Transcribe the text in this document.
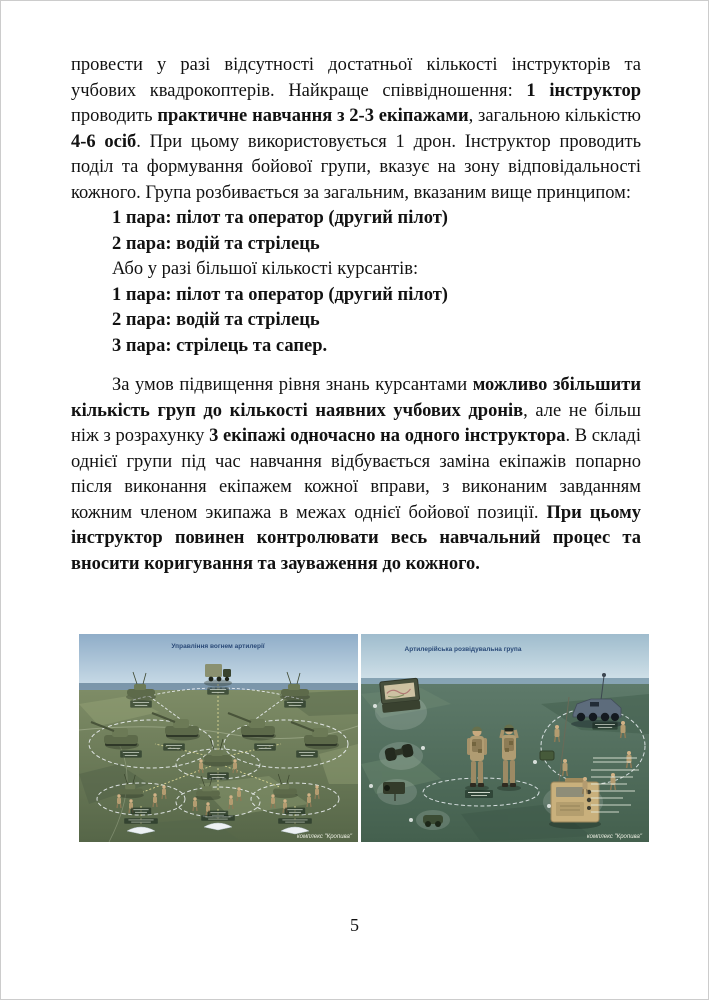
провести у разі відсутності достатньої кількості інструкторів та учбових квадрокоптерів. Найкраще співвідношення: 1 інструктор проводить практичне навчання з 2-3 екіпажами, загальною кількістю 4-6 осіб. При цьому використовується 1 дрон. Інструктор проводить поділ та формування бойової групи, вказує на зону відповідальності кожного. Група розбивається за загальним, вказаним вище принципом:

1 пара: пілот та оператор (другий пілот)
2 пара: водій та стрілець
Або у разі більшої кількості курсантів:
1 пара: пілот та оператор (другий пілот)
2 пара: водій та стрілець
3 пара: стрілець та сапер.

За умов підвищення рівня знань курсантами можливо збільшити кількість груп до кількості наявних учбових дронів, але не більш ніж з розрахунку 3 екіпажі одночасно на одного інструктора. В складі однієї групи під час навчання відбувається заміна екіпажів попарно після виконання екіпажем кожної вправи, з виконаним завданням кожним членом экипажа в межах однієї бойової позиції. При цьому інструктор повинен контролювати весь навчальний процес та вносити коригування та зауваження до кожного.

Управління вогнем артилерії
комплекс "Кропива"
Артилерійська розвідувальна група
комплекс "Кропива"
5
